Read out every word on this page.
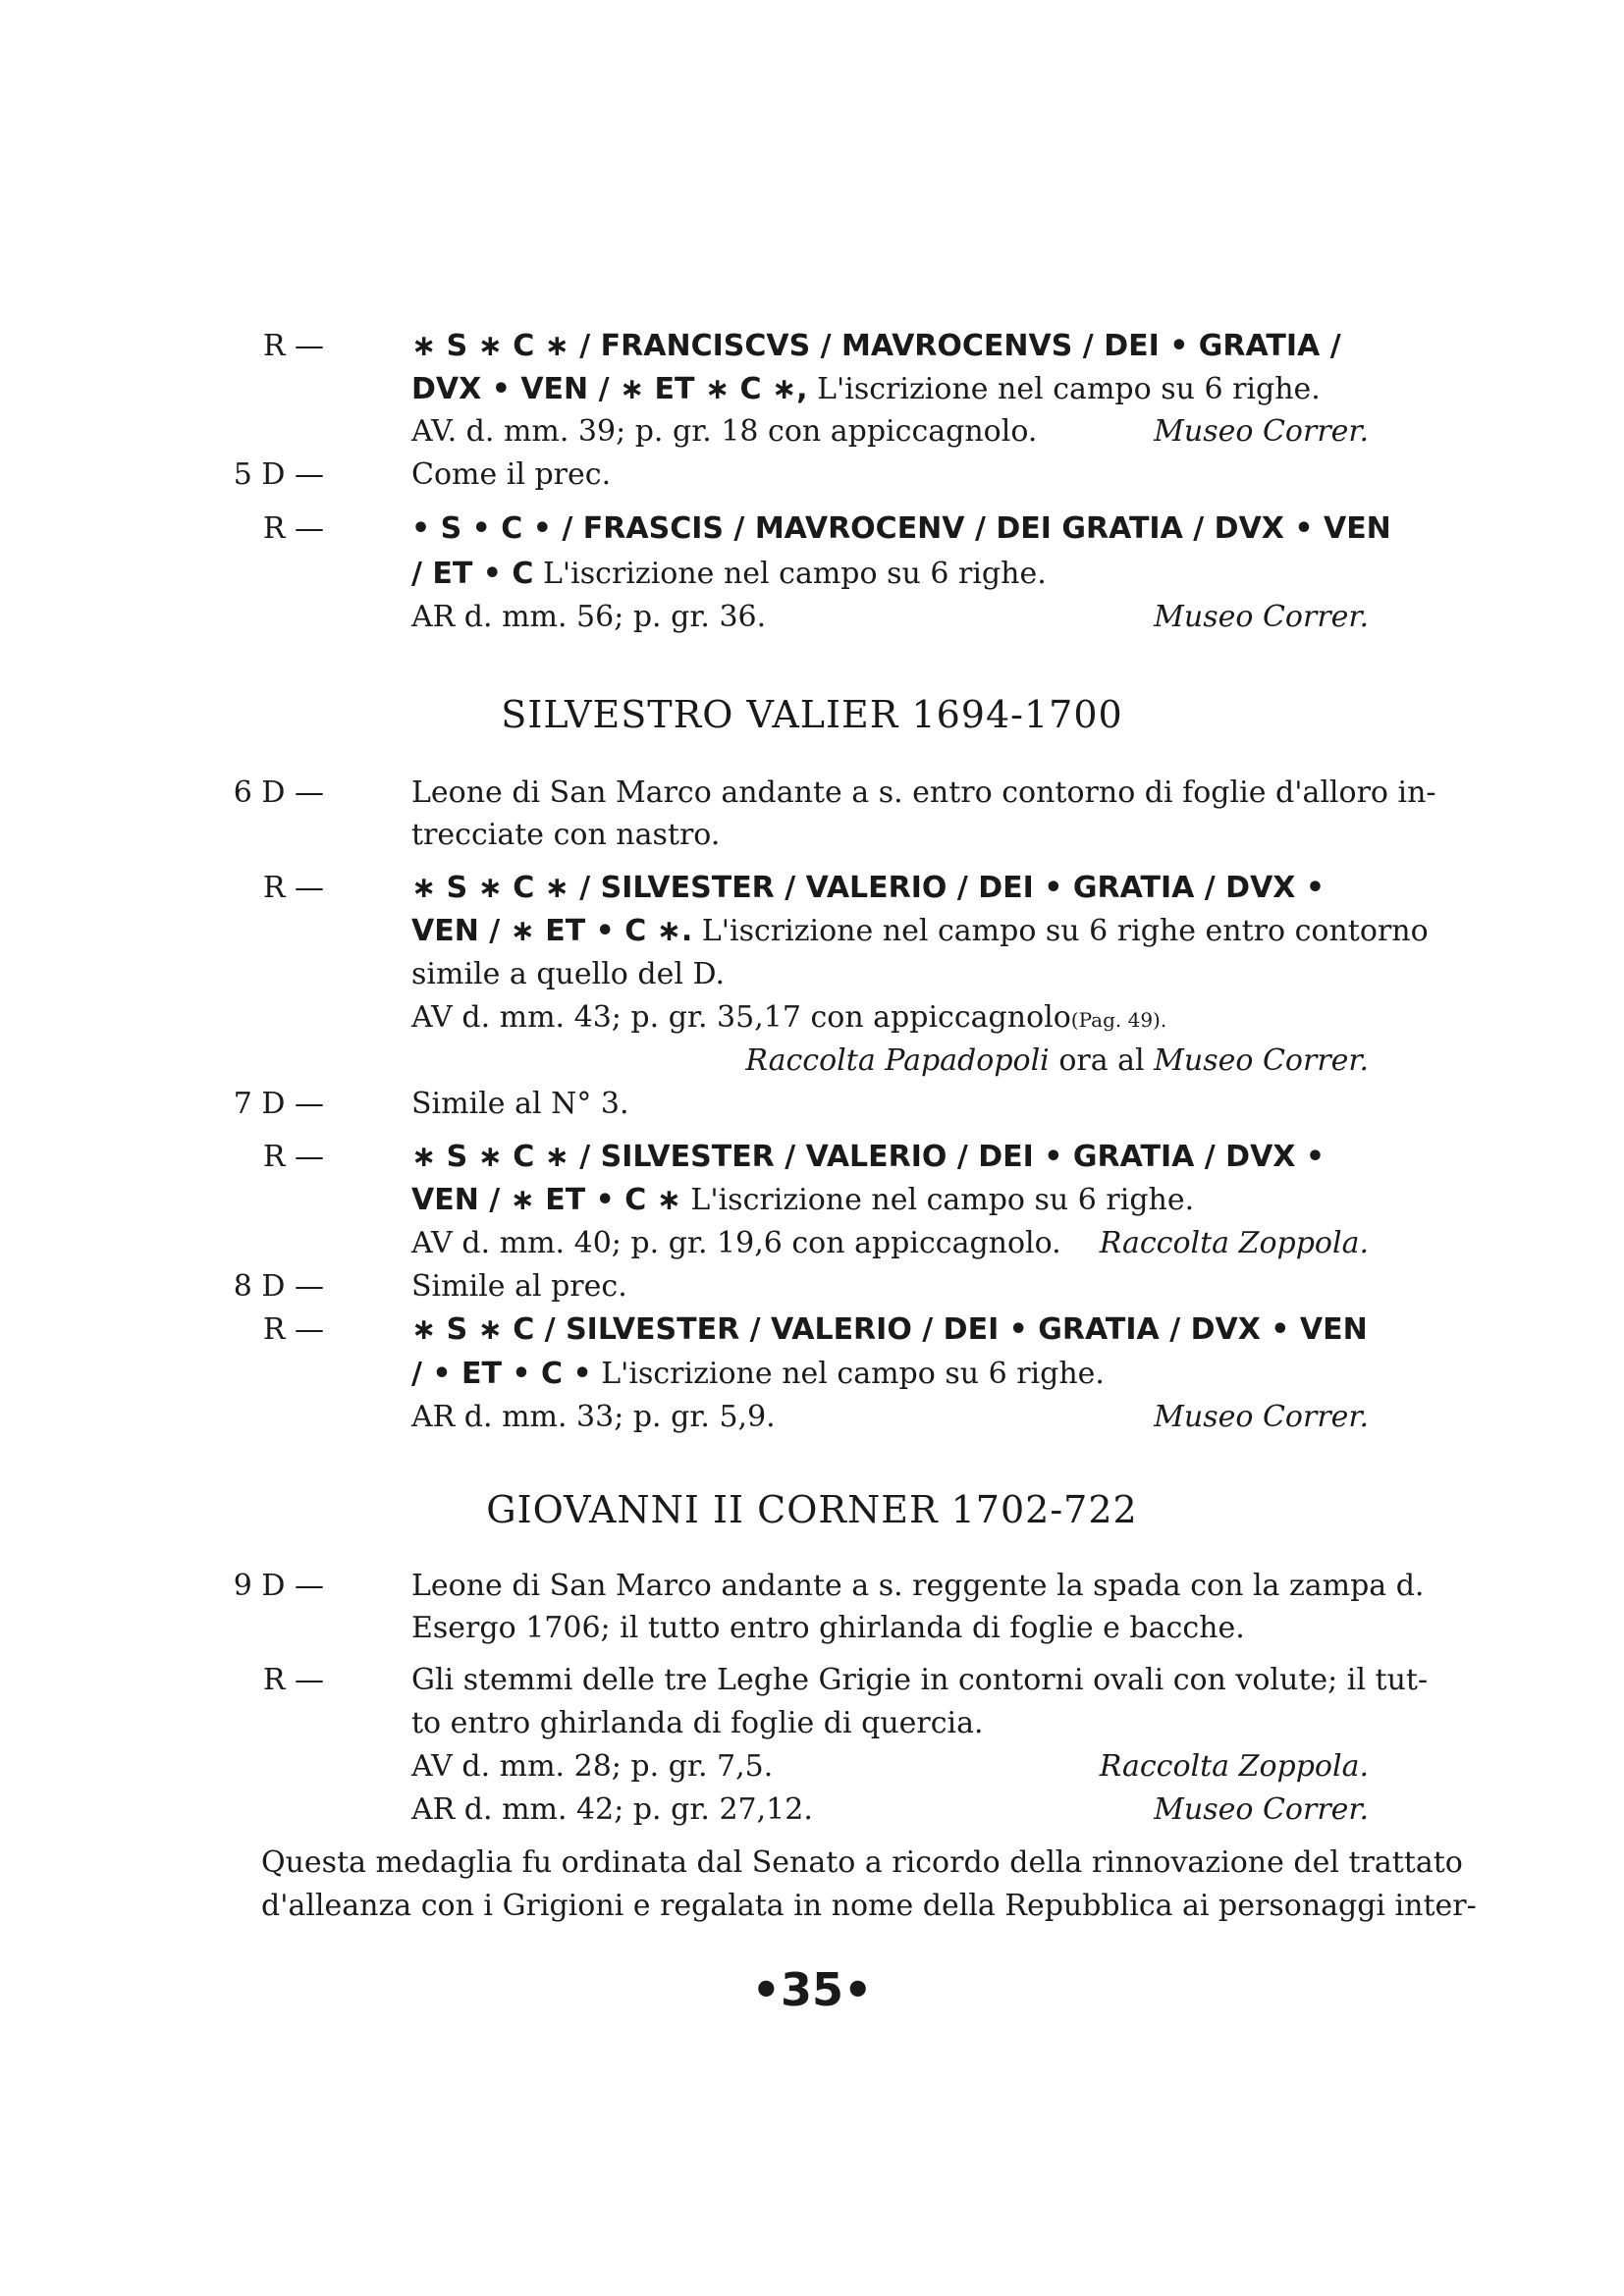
R —	∗ S ∗ C ∗ / FRANCISCVS / MAVROCENVS / DEI • GRATIA /
DVX • VEN / ∗ ET ∗ C ∗, L'iscrizione nel campo su 6 righe.
AV. d. mm. 39; p. gr. 18 con appiccagnolo.	Museo Correr.
5 D —	Come il prec.
R —	• S • C • / FRASCIS / MAVROCENV / DEI GRATIA / DVX • VEN
/ ET • C L'iscrizione nel campo su 6 righe.
AR d. mm. 56; p. gr. 36.	Museo Correr.
SILVESTRO VALIER 1694-1700
6 D —	Leone di San Marco andante a s. entro contorno di foglie d'alloro in-
trecciate con nastro.
R —	∗ S ∗ C ∗ / SILVESTER / VALERIO / DEI • GRATIA / DVX •
VEN / ∗ ET • C ∗. L'iscrizione nel campo su 6 righe entro contorno
simile a quello del D.
AV d. mm. 43; p. gr. 35,17 con appiccagnolo(Pag. 49).
Raccolta Papadopoli ora al Museo Correr.
7 D —	Simile al N° 3.
R —	∗ S ∗ C ∗ / SILVESTER / VALERIO / DEI • GRATIA / DVX •
VEN / ∗ ET • C ∗ L'iscrizione nel campo su 6 righe.
AV d. mm. 40; p. gr. 19,6 con appiccagnolo. Raccolta Zoppola.
8 D —	Simile al prec.
R —	∗ S ∗ C / SILVESTER / VALERIO / DEI • GRATIA / DVX • VEN
/ • ET • C • L'iscrizione nel campo su 6 righe.
AR d. mm. 33; p. gr. 5,9.	Museo Correr.
GIOVANNI II CORNER 1702-722
9 D —	Leone di San Marco andante a s. reggente la spada con la zampa d.
Esergo 1706; il tutto entro ghirlanda di foglie e bacche.
R —	Gli stemmi delle tre Leghe Grigie in contorni ovali con volute; il tut-
to entro ghirlanda di foglie di quercia.
AV d. mm. 28; p. gr. 7,5.	Raccolta Zoppola.
AR d. mm. 42; p. gr. 27,12.	Museo Correr.
Questa medaglia fu ordinata dal Senato a ricordo della rinnovazione del trattato
d'alleanza con i Grigioni e regalata in nome della Repubblica ai personaggi inter-
•35•
